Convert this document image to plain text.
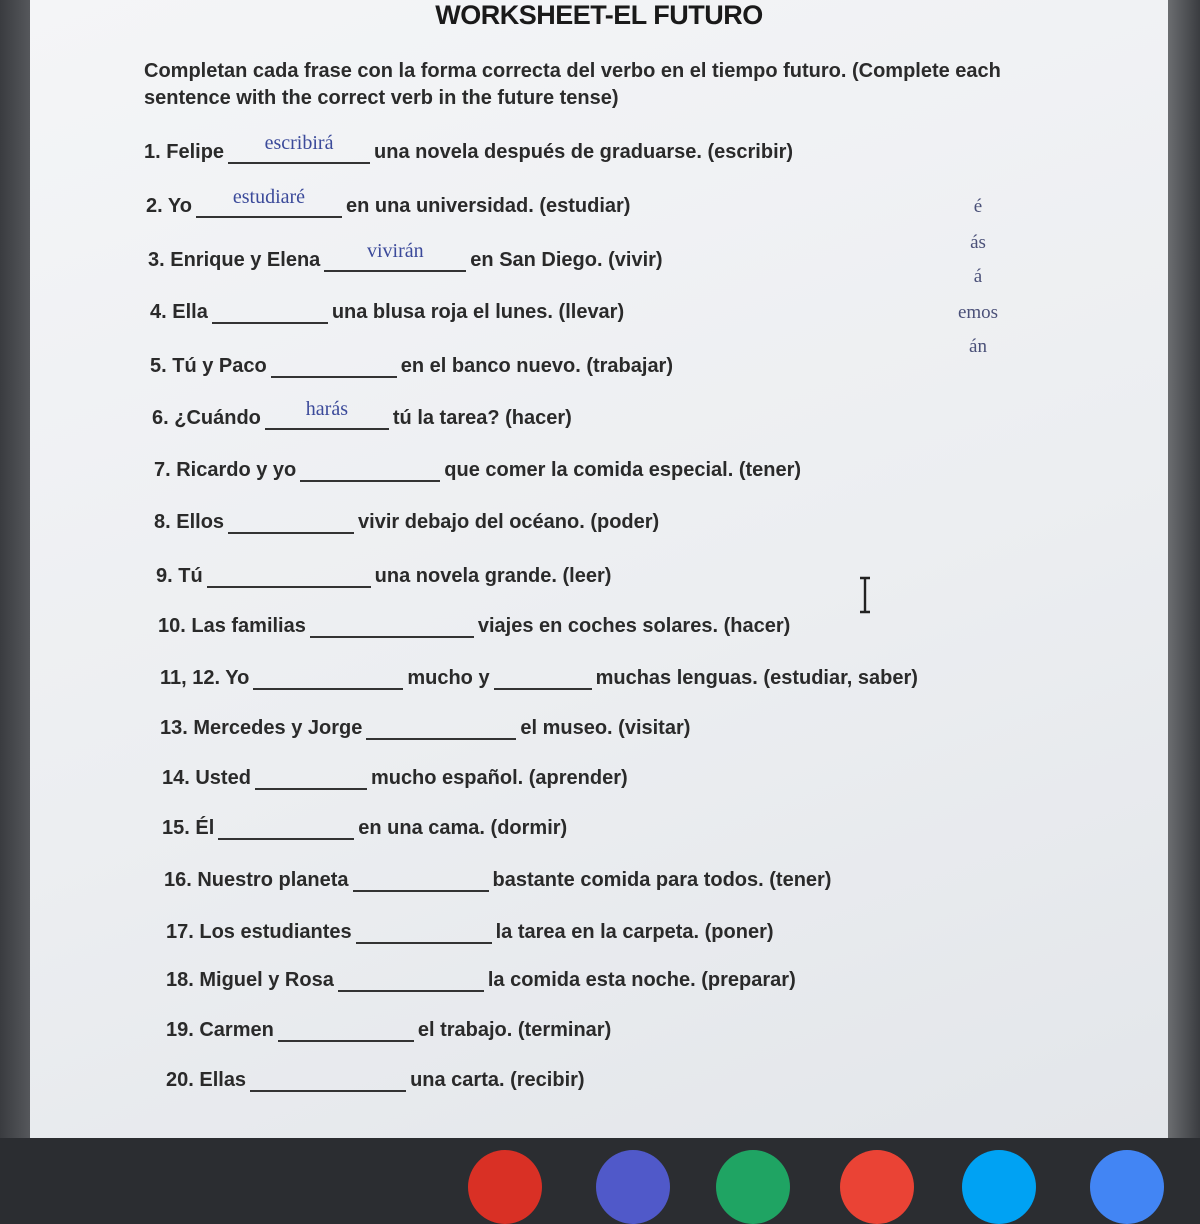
WORKSHEET-EL FUTURO
Completan cada frase con la forma correcta del verbo en el tiempo futuro. (Complete each sentence with the correct verb in the future tense)
1. Felipe	escribirá	una novela después de graduarse. (escribir)
2. Yo	estudiaré	en una universidad. (estudiar)
3. Enrique y Elena	vivirán	en San Diego. (vivir)
4. Ella	una blusa roja el lunes. (llevar)
5. Tú y Paco	en el banco nuevo. (trabajar)
6. ¿Cuándo	harás	tú la tarea? (hacer)
7. Ricardo y yo	que comer la comida especial. (tener)
8. Ellos	vivir debajo del océano. (poder)
9. Tú	una novela grande. (leer)
10. Las familias	viajes en coches solares. (hacer)
11, 12. Yo	mucho y	muchas lenguas. (estudiar, saber)
13. Mercedes y Jorge	el museo. (visitar)
14. Usted	mucho español. (aprender)
15. Él	en una cama. (dormir)
16. Nuestro planeta	bastante comida para todos. (tener)
17. Los estudiantes	la tarea en la carpeta. (poner)
18. Miguel y Rosa	la comida esta noche. (preparar)
19. Carmen	el trabajo. (terminar)
20. Ellas	una carta. (recibir)
é
ás
á
emos
án
